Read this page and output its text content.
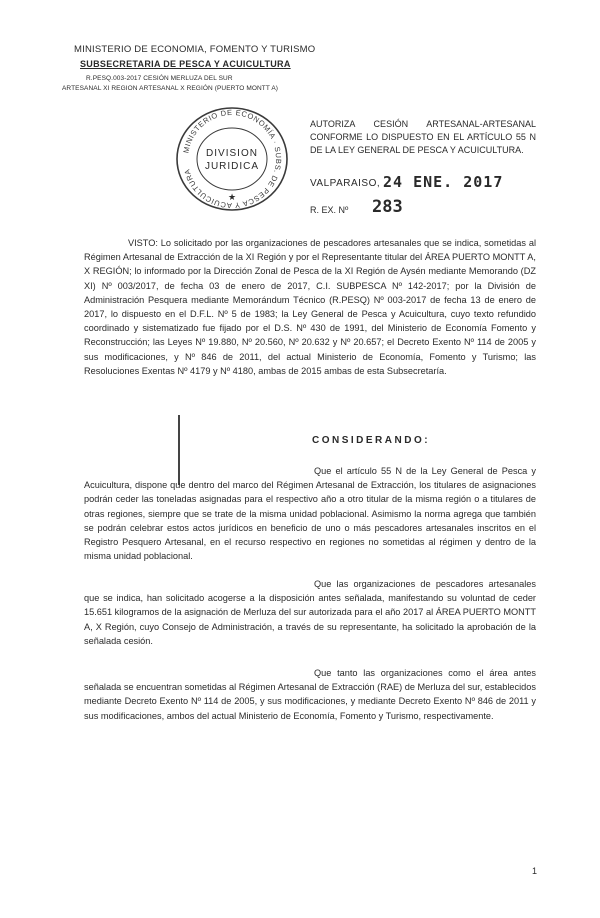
MINISTERIO DE ECONOMIA, FOMENTO Y TURISMO
SUBSECRETARIA DE PESCA Y ACUICULTURA
R.PESQ.003-2017 CESIÓN MERLUZA DEL SUR
ARTESANAL XI REGION ARTESANAL X REGIÓN (PUERTO MONTT A)
MINISTERIO DE ECONOMÍA · SUBS. DE PESCA Y ACUICULTURA
DIVISION
JURIDICA
★
AUTORIZA CESIÓN ARTESANAL-ARTESANAL CONFORME LO DISPUESTO EN EL ARTÍCULO 55 N DE LA LEY GENERAL DE PESCA Y ACUICULTURA.
VALPARAISO, 24 ENE. 2017
R. EX. Nº 283

VISTO: Lo solicitado por las organizaciones de pescadores artesanales que se indica, sometidas al Régimen Artesanal de Extracción de la XI Región y por el Representante titular del ÁREA PUERTO MONTT A, X REGIÓN; lo informado por la Dirección Zonal de Pesca de la XI Región de Aysén mediante Memorando (DZ XI) Nº 003/2017, de fecha 03 de enero de 2017, C.I. SUBPESCA Nº 142-2017; por la División de Administración Pesquera mediante Memorándum Técnico (R.PESQ) Nº 003-2017 de fecha 13 de enero de 2017, lo dispuesto en el D.F.L. Nº 5 de 1983; la Ley General de Pesca y Acuicultura, cuyo texto refundido coordinado y sistematizado fue fijado por el D.S. Nº 430 de 1991, del Ministerio de Economía Fomento y Reconstrucción; las Leyes Nº 19.880, Nº 20.560, Nº 20.632 y Nº 20.657; el Decreto Exento Nº 114 de 2005 y sus modificaciones, y Nº 846 de 2011, del actual Ministerio de Economía, Fomento y Turismo; las Resoluciones Exentas Nº 4179 y Nº 4180, ambas de 2015 ambas de esta Subsecretaría.

CONSIDERANDO:

Que el artículo 55 N de la Ley General de Pesca y Acuicultura, dispone que dentro del marco del Régimen Artesanal de Extracción, los titulares de asignaciones podrán ceder las toneladas asignadas para el respectivo año a otro titular de la misma región o a titulares de otras regiones, siempre que se trate de la misma unidad poblacional. Asimismo la norma agrega que también se podrán celebrar estos actos jurídicos en beneficio de uno o más pescadores artesanales inscritos en el Registro Pesquero Artesanal, en el recurso respectivo en regiones no sometidas al régimen y dentro de la misma unidad poblacional.

Que las organizaciones de pescadores artesanales que se indica, han solicitado acogerse a la disposición antes señalada, manifestando su voluntad de ceder 15.651 kilogramos de la asignación de Merluza del sur autorizada para el año 2017 al ÁREA PUERTO MONTT A, X Región, cuyo Consejo de Administración, a través de su representante, ha solicitado la aprobación de la señalada cesión.

Que tanto las organizaciones como el área antes señalada se encuentran sometidas al Régimen Artesanal de Extracción (RAE) de Merluza del sur, establecidos mediante Decreto Exento Nº 114 de 2005, y sus modificaciones, y mediante Decreto Exento Nº 846 de 2011 y sus modificaciones, ambos del actual Ministerio de Economía, Fomento y Turismo, respectivamente.

1
